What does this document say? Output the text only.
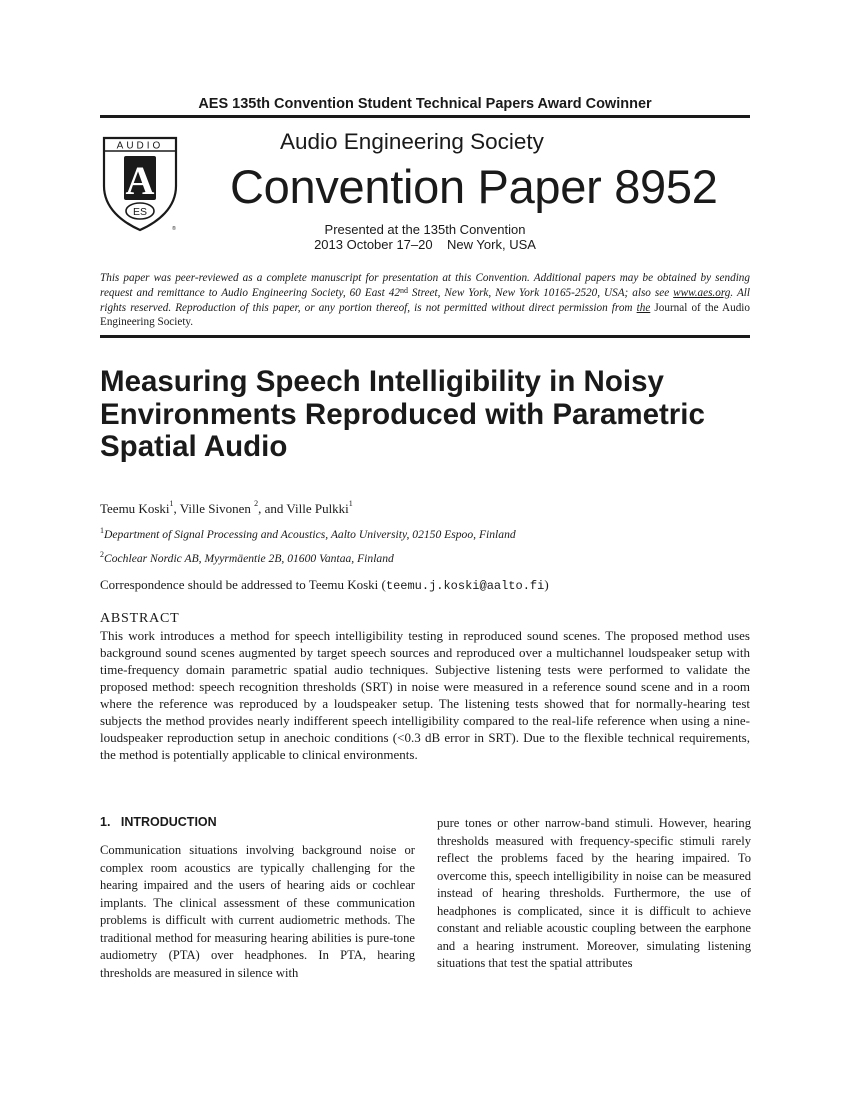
AES 135th Convention Student Technical Papers Award Cowinner
AUDIO
A
ES
®
Audio Engineering Society
Convention Paper 8952
Presented at the 135th Convention
2013 October 17–20    New York, USA
This paper was peer-reviewed as a complete manuscript for presentation at this Convention. Additional papers may be obtained by sending request and remittance to Audio Engineering Society, 60 East 42nd Street, New York, New York 10165-2520, USA; also see www.aes.org. All rights reserved. Reproduction of this paper, or any portion thereof, is not permitted without direct permission from the Journal of the Audio Engineering Society.
Measuring Speech Intelligibility in Noisy
Environments Reproduced with Parametric
Spatial Audio
Teemu Koski$^1$, Ville Sivonen $^2$, and Ville Pulkki$^1$
$^1$Department of Signal Processing and Acoustics, Aalto University, 02150 Espoo, Finland
$^2$Cochlear Nordic AB, Myyrmäentie 2B, 01600 Vantaa, Finland
Correspondence should be addressed to Teemu Koski (teemu.j.koski@aalto.fi)
ABSTRACT
This work introduces a method for speech intelligibility testing in reproduced sound scenes. The proposed method uses background sound scenes augmented by target speech sources and reproduced over a multichannel loudspeaker setup with time-frequency domain parametric spatial audio techniques. Subjective listening tests were performed to validate the proposed method: speech recognition thresholds (SRT) in noise were measured in a reference sound scene and in a room where the reference was reproduced by a loudspeaker setup. The listening tests showed that for normally-hearing test subjects the method provides nearly indifferent speech intelligibility compared to the real-life reference when using a nine-loudspeaker reproduction setup in anechoic conditions (<0.3 dB error in SRT). Due to the flexible technical requirements, the method is potentially applicable to clinical environments.
1.   INTRODUCTION
Communication situations involving background noise or complex room acoustics are typically challenging for the hearing impaired and the users of hearing aids or cochlear implants. The clinical assessment of these communication problems is difficult with current audiometric methods. The traditional method for measuring hearing abilities is pure-tone audiometry (PTA) over headphones. In PTA, hearing thresholds are measured in silence with
pure tones or other narrow-band stimuli. However, hearing thresholds measured with frequency-specific stimuli rarely reflect the problems faced by the hearing impaired. To overcome this, speech intelligibility in noise can be measured instead of hearing thresholds. Furthermore, the use of headphones is complicated, since it is difficult to achieve constant and reliable acoustic coupling between the earphone and a hearing instrument. Moreover, simulating listening situations that test the spatial attributes
